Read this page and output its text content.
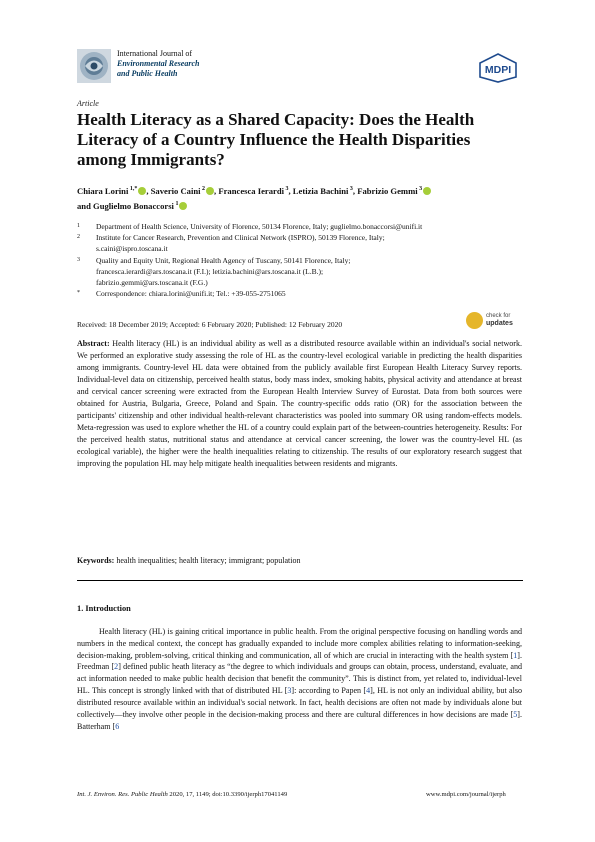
International Journal of
Environmental Research
and Public Health	MDPI
Article
Health Literacy as a Shared Capacity: Does the Health Literacy of a Country Influence the Health Disparities among Immigrants?
Chiara Lorini $^{1,*}$ , Saverio Caini $^2$ , Francesca Ierardi $^3$, Letizia Bachini $^3$, Fabrizio Gemmi $^3$
and Guglielmo Bonaccorsi $^1$
1	Department of Health Science, University of Florence, 50134 Florence, Italy; guglielmo.bonaccorsi@unifi.it
2	Institute for Cancer Research, Prevention and Clinical Network (ISPRO), 50139 Florence, Italy;
s.caini@ispro.toscana.it
3	Quality and Equity Unit, Regional Health Agency of Tuscany, 50141 Florence, Italy;
francesca.ierardi@ars.toscana.it (F.I.); letizia.bachini@ars.toscana.it (L.B.);
fabrizio.gemmi@ars.toscana.it (F.G.)
*	Correspondence: chiara.lorini@unifi.it; Tel.: +39-055-2751065
Received: 18 December 2019; Accepted: 6 February 2020; Published: 12 February 2020
check for
updates

Abstract: Health literacy (HL) is an individual ability as well as a distributed resource available within an individual's social network. We performed an explorative study assessing the role of HL as the country-level ecological variable in predicting the health disparities among immigrants. Country-level HL data were obtained from the publicly available first European Health Literacy Survey reports. Individual-level data on citizenship, perceived health status, body mass index, smoking habits, physical activity and attendance at breast and cervical cancer screening were extracted from the European Health Interview Survey of Eurostat. Data from both sources were obtained for Austria, Bulgaria, Greece, Poland and Spain. The country-specific odds ratio (OR) for the association between the participants' citizenship and other individual health-relevant characteristics was pooled into summary OR using random-effects models. Meta-regression was used to explore whether the HL of a country could explain part of the between-countries heterogeneity. Results: For the perceived health status, nutritional status and attendance at cervical cancer screening, the lower was the country-level HL (as ecological variable), the higher were the health inequalities relating to citizenship. The results of our exploratory research suggest that improving the population HL may help mitigate health inequalities between residents and migrants.

Keywords: health inequalities; health literacy; immigrant; population
1. Introduction

Health literacy (HL) is gaining critical importance in public health. From the original perspective focusing on handling words and numbers in the medical context, the concept has gradually expanded to include more complex abilities relating to information-seeking, decision-making, problem-solving, critical thinking and communication, all of which are crucial in interacting with the health system [1]. Freedman [2] defined public heath literacy as “the degree to which individuals and groups can obtain, process, understand, evaluate, and act information needed to make public health decision that benefit the community”. This is distinct from, yet related to, individual-level HL. This concept is strongly linked with that of distributed HL [3]: according to Papen [4], HL is not only an individual ability, but also distributed resource available within an individual's social network. In fact, health decisions are often not made by individuals alone but collectively—they involve other people in the decision-making process and there are cultural differences in how decisions are made [5]. Batterham [6

Int. J. Environ. Res. Public Health 2020, 17, 1149; doi:10.3390/ijerph17041149	www.mdpi.com/journal/ijerph
